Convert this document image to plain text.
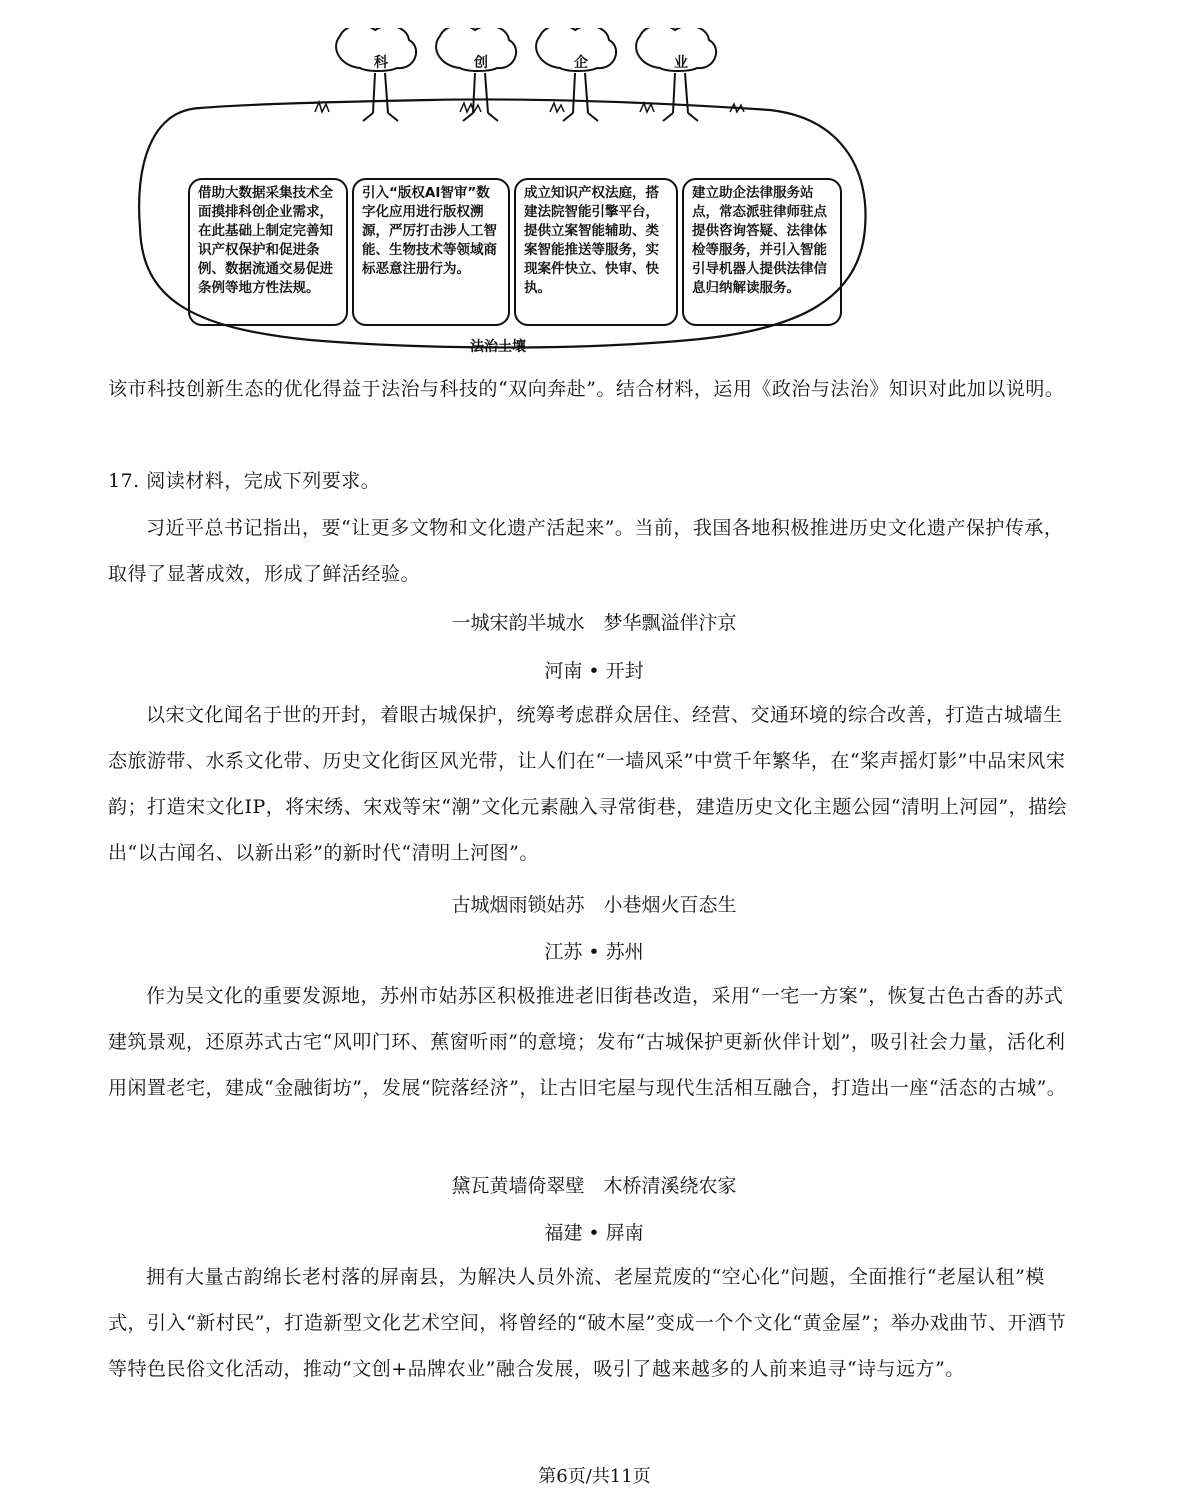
科	创	企	业
借助大数据采集技术全面摸排科创企业需求，在此基础上制定完善知识产权保护和促进条例、数据流通交易促进条例等地方性法规。
引入“版权AI智审”数字化应用进行版权溯源，严厉打击涉人工智能、生物技术等领域商标恶意注册行为。
成立知识产权法庭，搭建法院智能引擎平台，提供立案智能辅助、类案智能推送等服务，实现案件快立、快审、快执。
建立助企法律服务站点，常态派驻律师驻点提供咨询答疑、法律体检等服务，并引入智能引导机器人提供法律信息归纳解读服务。
法治土壤

该市科技创新生态的优化得益于法治与科技的“双向奔赴”。结合材料，运用《政治与法治》知识对此加以说明。

17. 阅读材料，完成下列要求。

习近平总书记指出，要“让更多文物和文化遗产活起来”。当前，我国各地积极推进历史文化遗产保护传承，取得了显著成效，形成了鲜活经验。

一城宋韵半城水　梦华飘溢伴汴京
河南 • 开封

以宋文化闻名于世的开封，着眼古城保护，统筹考虑群众居住、经营、交通环境的综合改善，打造古城墙生态旅游带、水系文化带、历史文化街区风光带，让人们在“一墙风采”中赏千年繁华，在“桨声摇灯影”中品宋风宋韵；打造宋文化IP，将宋绣、宋戏等宋“潮”文化元素融入寻常街巷，建造历史文化主题公园“清明上河园”，描绘出“以古闻名、以新出彩”的新时代“清明上河图”。

古城烟雨锁姑苏　小巷烟火百态生
江苏 • 苏州

作为吴文化的重要发源地，苏州市姑苏区积极推进老旧街巷改造，采用“一宅一方案”，恢复古色古香的苏式建筑景观，还原苏式古宅“风叩门环、蕉窗听雨”的意境；发布“古城保护更新伙伴计划”，吸引社会力量，活化利用闲置老宅，建成“金融街坊”，发展“院落经济”，让古旧宅屋与现代生活相互融合，打造出一座“活态的古城”。

黛瓦黄墙倚翠壁　木桥清溪绕农家
福建 • 屏南

拥有大量古韵绵长老村落的屏南县，为解决人员外流、老屋荒废的“空心化”问题，全面推行“老屋认租”模式，引入“新村民”，打造新型文化艺术空间，将曾经的“破木屋”变成一个个文化“黄金屋”；举办戏曲节、开酒节等特色民俗文化活动，推动“文创+品牌农业”融合发展，吸引了越来越多的人前来追寻“诗与远方”。

第6页/共11页
